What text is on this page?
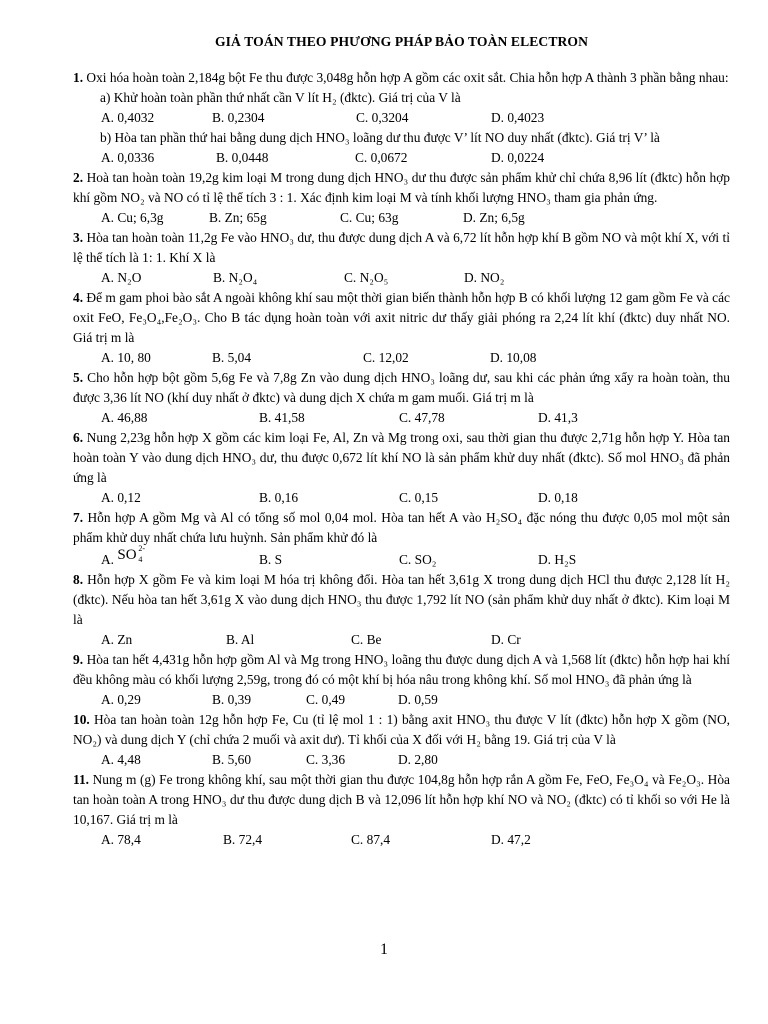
GIẢ TOÁN THEO PHƯƠNG PHÁP BẢO TOÀN ELECTRON

1. Oxi hóa hoàn toàn 2,184g bột Fe thu được 3,048g hỗn hợp A gồm các oxit sắt. Chia hỗn hợp A thành 3 phần bằng nhau:

a) Khử hoàn toàn phần thứ nhất cần V lít H₂ (đktc). Giá trị của V là

A. 0,4032	B. 0,2304	C. 0,3204	D. 0,4023

b) Hòa tan phần thứ hai bằng dung dịch HNO₃ loãng dư thu được V’ lít NO duy nhất (đktc). Giá trị V’ là

A. 0,0336	B. 0,0448	C. 0,0672	D. 0,0224

2. Hoà tan hoàn toàn 19,2g kim loại M trong dung dịch HNO₃ dư thu được sản phẩm khử chỉ chứa 8,96 lít (đktc) hỗn hợp khí gồm NO₂ và NO có tỉ lệ thể tích 3 : 1. Xác định kim loại M và tính khối lượng HNO₃ tham gia phản ứng.

A. Cu; 6,3g	B. Zn; 65g	C. Cu; 63g	D. Zn; 6,5g

3. Hòa tan hoàn toàn 11,2g Fe vào HNO₃ dư, thu được dung dịch A và 6,72 lít hỗn hợp khí B gồm NO và một khí X, với tỉ lệ thể tích là 1: 1. Khí X là

A. N₂O	B. N₂O₄	C. N₂O₅	D. NO₂

4. Để m gam phoi bào sắt A ngoài không khí sau một thời gian biến thành hỗn hợp B có khối lượng 12 gam gồm Fe và các oxit FeO, Fe₃O₄,Fe₂O₃. Cho B tác dụng hoàn toàn với axit nitric dư thấy giải phóng ra 2,24 lít khí (đktc) duy nhất NO. Giá trị m là

A. 10, 80	B. 5,04	C. 12,02	D. 10,08

5. Cho hỗn hợp bột gồm 5,6g Fe và 7,8g Zn vào dung dịch HNO₃ loãng dư, sau khi các phản ứng xẩy ra hoàn toàn, thu được 3,36 lít NO (khí duy nhất ở đktc) và dung dịch X chứa m gam muối. Giá trị m là

A. 46,88	B. 41,58	C. 47,78	D. 41,3

6. Nung 2,23g hỗn hợp X gồm các kim loại Fe, Al, Zn và Mg trong oxi, sau thời gian thu được 2,71g hỗn hợp Y. Hòa tan hoàn toàn Y vào dung dịch HNO₃ dư, thu được 0,672 lít khí NO là sản phẩm khử duy nhất (đktc). Số mol HNO₃ đã phản ứng là

A. 0,12	B. 0,16	C. 0,15	D. 0,18

7. Hỗn hợp A gồm Mg và Al có tổng số mol 0,04 mol. Hòa tan hết A vào H₂SO₄ đặc nóng thu được 0,05 mol một sản phẩm khử duy nhất chứa lưu huỳnh. Sản phẩm khử đó là

A. SO 2-
4	B. S	C. SO₂	D. H₂S

8. Hỗn hợp X gồm Fe và kim loại M hóa trị không đổi. Hòa tan hết 3,61g X trong dung dịch HCl thu được 2,128 lít H₂ (đktc). Nếu hòa tan hết 3,61g X vào dung dịch HNO₃ thu được 1,792 lít NO (sản phẩm khử duy nhất ở đktc). Kim loại M là

A. Zn	B. Al	C. Be	D. Cr

9. Hòa tan hết 4,431g hỗn hợp gồm Al và Mg trong HNO₃ loãng thu được dung dịch A và 1,568 lít (đktc) hỗn hợp hai khí đều không màu có khối lượng 2,59g, trong đó có một khí bị hóa nâu trong không khí. Số mol HNO₃ đã phản ứng là

A. 0,29	B. 0,39	C. 0,49	D. 0,59

10. Hòa tan hoàn toàn 12g hỗn hợp Fe, Cu (tỉ lệ mol 1 : 1) bằng axit HNO₃ thu được V lít (đktc) hỗn hợp X gồm (NO, NO₂) và dung dịch Y (chỉ chứa 2 muối và axit dư). Tỉ khối của X đối với H₂ bằng 19. Giá trị của V là

A. 4,48	B. 5,60	C. 3,36	D. 2,80

11. Nung m (g) Fe trong không khí, sau một thời gian thu được 104,8g hỗn hợp rắn A gồm Fe, FeO, Fe₃O₄ và Fe₂O₃. Hòa tan hoàn toàn A trong HNO₃ dư thu được dung dịch B và 12,096 lít hỗn hợp khí NO và NO₂ (đktc) có tỉ khối so với He là 10,167. Giá trị m là

A. 78,4	B. 72,4	C. 87,4	D. 47,2
1
